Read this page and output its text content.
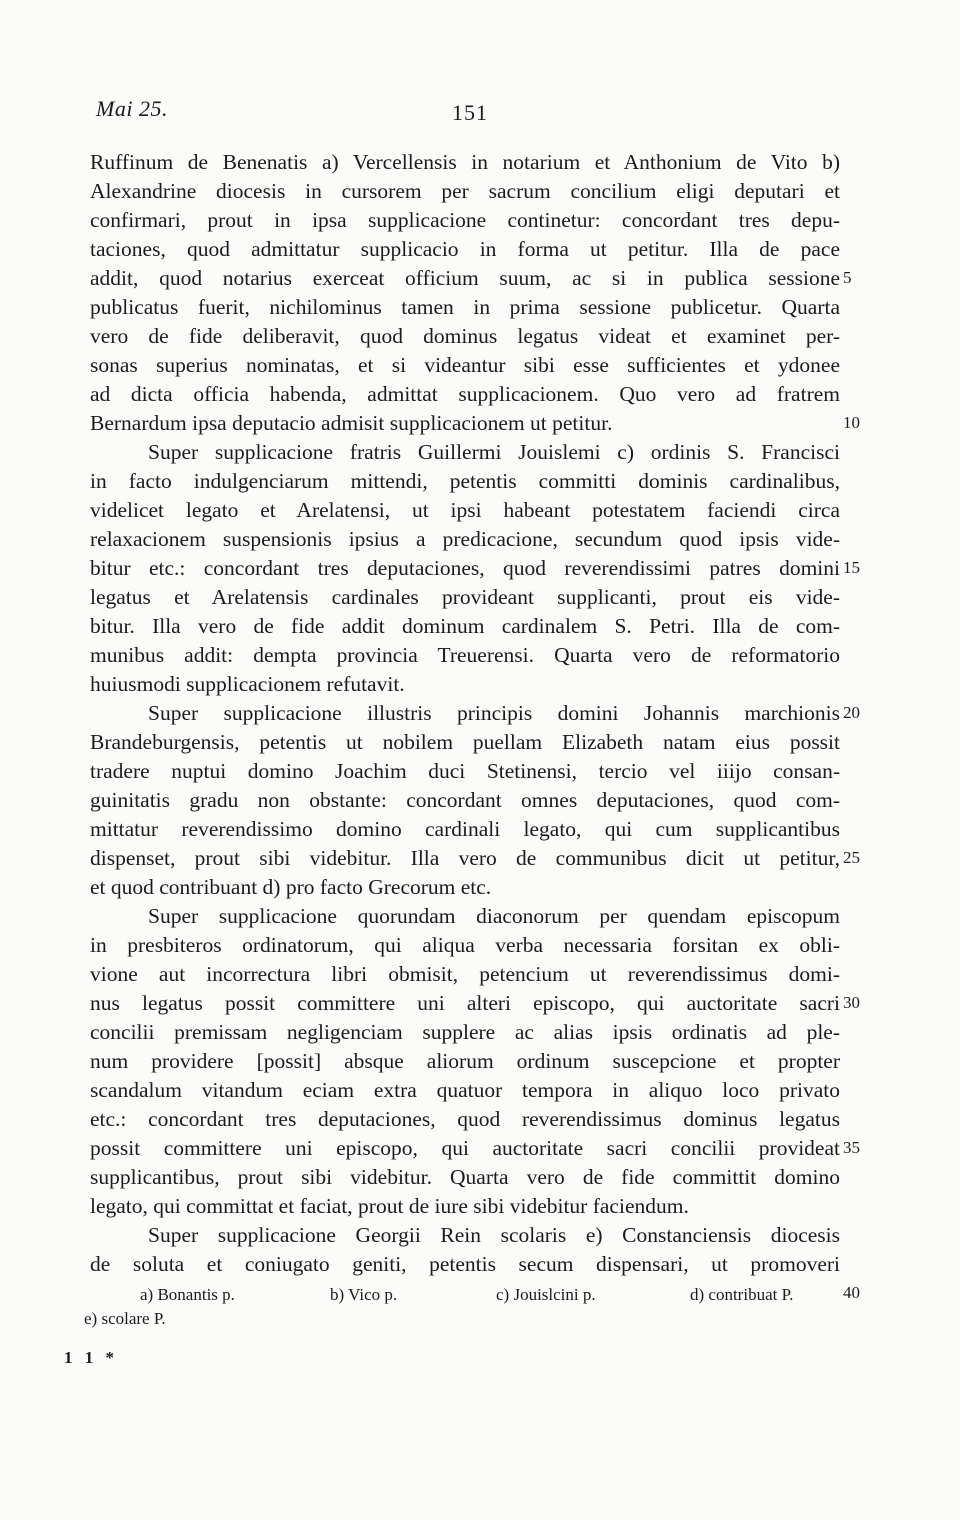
Mai 25.	151
Ruffinum de Benenatis a) Vercellensis in notarium et Anthonium de Vito b)
Alexandrine diocesis in cursorem per sacrum concilium eligi deputari et
confirmari, prout in ipsa supplicacione continetur: concordant tres depu-
taciones, quod admittatur supplicacio in forma ut petitur. Illa de pace
addit, quod notarius exerceat officium suum, ac si in publica sessione
publicatus fuerit, nichilominus tamen in prima sessione publicetur. Quarta
vero de fide deliberavit, quod dominus legatus videat et examinet per-
sonas superius nominatas, et si videantur sibi esse sufficientes et ydonee
ad dicta officia habenda, admittat supplicacionem. Quo vero ad fratrem
Bernardum ipsa deputacio admisit supplicacionem ut petitur.
Super supplicacione fratris Guillermi Jouislemi c) ordinis S. Francisci
in facto indulgenciarum mittendi, petentis committi dominis cardinalibus,
videlicet legato et Arelatensi, ut ipsi habeant potestatem faciendi circa
relaxacionem suspensionis ipsius a predicacione, secundum quod ipsis vide-
bitur etc.: concordant tres deputaciones, quod reverendissimi patres domini
legatus et Arelatensis cardinales provideant supplicanti, prout eis vide-
bitur. Illa vero de fide addit dominum cardinalem S. Petri. Illa de com-
munibus addit: dempta provincia Treuerensi. Quarta vero de reformatorio
huiusmodi supplicacionem refutavit.
Super supplicacione illustris principis domini Johannis marchionis
Brandeburgensis, petentis ut nobilem puellam Elizabeth natam eius possit
tradere nuptui domino Joachim duci Stetinensi, tercio vel iiijo consan-
guinitatis gradu non obstante: concordant omnes deputaciones, quod com-
mittatur reverendissimo domino cardinali legato, qui cum supplicantibus
dispenset, prout sibi videbitur. Illa vero de communibus dicit ut petitur,
et quod contribuant d) pro facto Grecorum etc.
Super supplicacione quorundam diaconorum per quendam episcopum
in presbiteros ordinatorum, qui aliqua verba necessaria forsitan ex obli-
vione aut incorrectura libri obmisit, petencium ut reverendissimus domi-
nus legatus possit committere uni alteri episcopo, qui auctoritate sacri
concilii premissam negligenciam supplere ac alias ipsis ordinatis ad ple-
num providere [possit] absque aliorum ordinum suscepcione et propter
scandalum vitandum eciam extra quatuor tempora in aliquo loco privato
etc.: concordant tres deputaciones, quod reverendissimus dominus legatus
possit committere uni episcopo, qui auctoritate sacri concilii provideat
supplicantibus, prout sibi videbitur. Quarta vero de fide committit domino
legato, qui committat et faciat, prout de iure sibi videbitur faciendum.
Super supplicacione Georgii Rein scolaris e) Constanciensis diocesis
de soluta et coniugato geniti, petentis secum dispensari, ut promoveri
5
10
15
20
25
30
35
40
a) Bonantis p.	b) Vico p.	c) Jouislcini p.	d) contribuat P.
e) scolare P.
1 1 *
